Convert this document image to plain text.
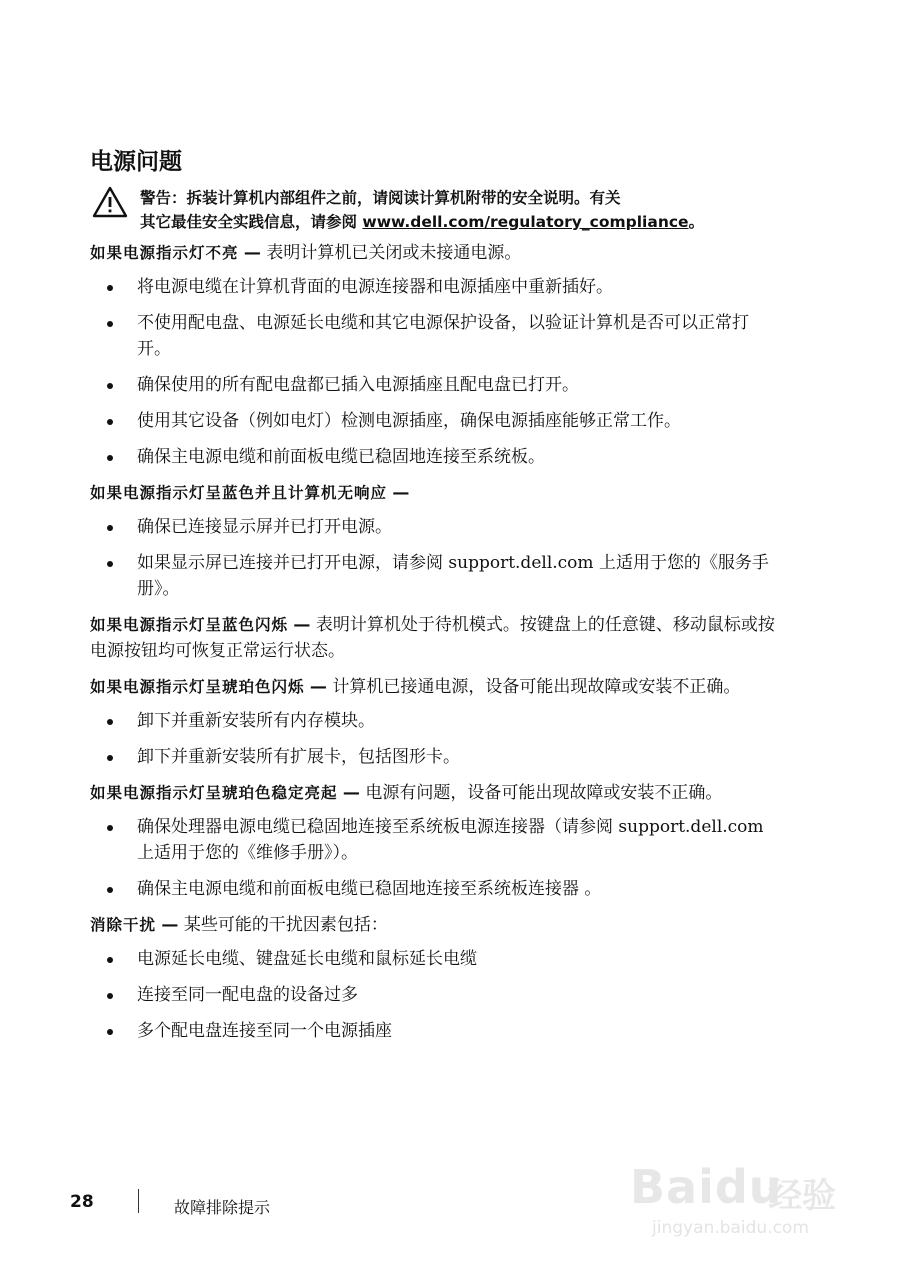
电源问题
警告：拆装计算机内部组件之前，请阅读计算机附带的安全说明。有关
其它最佳安全实践信息，请参阅 www.dell.com/regulatory_compliance。

如果电源指示灯不亮 — 表明计算机已关闭或未接通电源。

将电源电缆在计算机背面的电源连接器和电源插座中重新插好。
不使用配电盘、电源延长电缆和其它电源保护设备，以验证计算机是否可以正常打开。
确保使用的所有配电盘都已插入电源插座且配电盘已打开。
使用其它设备（例如电灯）检测电源插座，确保电源插座能够正常工作。
确保主电源电缆和前面板电缆已稳固地连接至系统板。

如果电源指示灯呈蓝色并且计算机无响应 —

确保已连接显示屏并已打开电源。
如果显示屏已连接并已打开电源，请参阅 support.dell.com 上适用于您的《服务手册》。

如果电源指示灯呈蓝色闪烁 — 表明计算机处于待机模式。按键盘上的任意键、移动鼠标或按电源按钮均可恢复正常运行状态。

如果电源指示灯呈琥珀色闪烁 — 计算机已接通电源，设备可能出现故障或安装不正确。

卸下并重新安装所有内存模块。
卸下并重新安装所有扩展卡，包括图形卡。

如果电源指示灯呈琥珀色稳定亮起 — 电源有问题，设备可能出现故障或安装不正确。

确保处理器电源电缆已稳固地连接至系统板电源连接器（请参阅 support.dell.com 上适用于您的《维修手册》）。
确保主电源电缆和前面板电缆已稳固地连接至系统板连接器 。

消除干扰 — 某些可能的干扰因素包括：

电源延长电缆、键盘延长电缆和鼠标延长电缆
连接至同一配电盘的设备过多
多个配电盘连接至同一个电源插座
28	故障排除提示	Baidu
经验
jingyan.baidu.com
